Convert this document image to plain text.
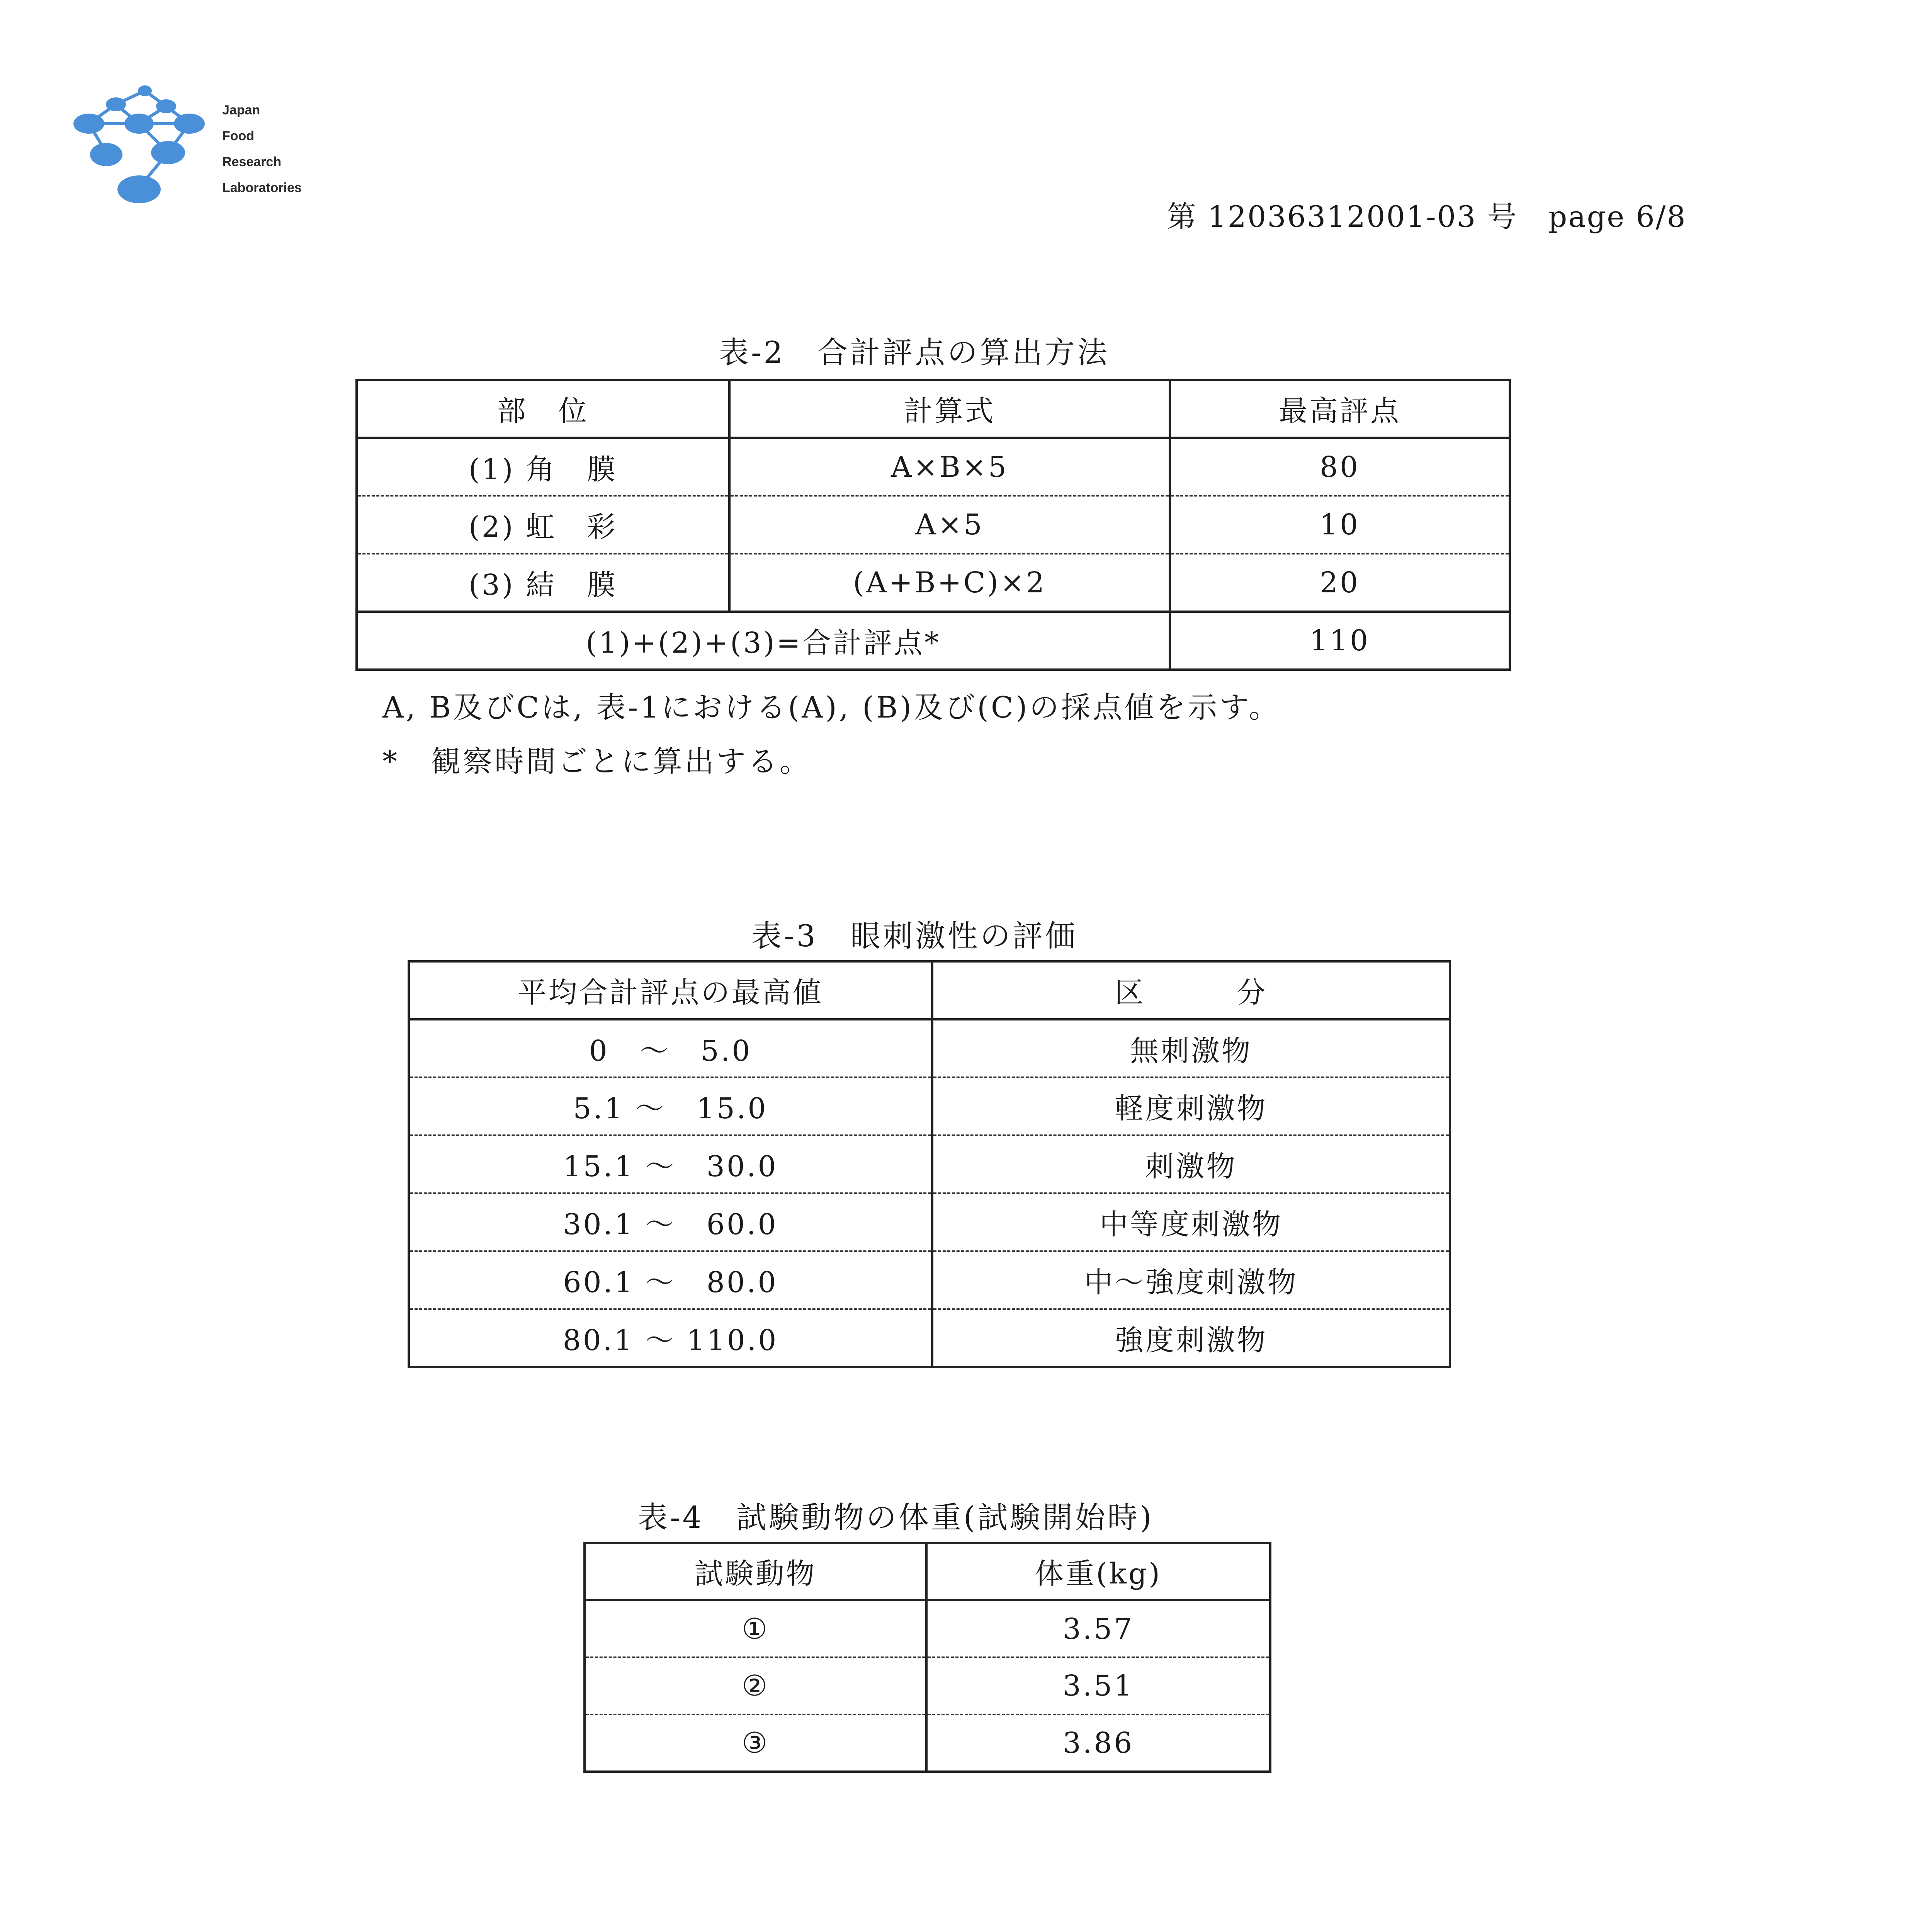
Japan
Food
Research
Laboratories
第 12036312001-03 号　page 6/8
表-2　合計評点の算出方法
部　位	計算式	最高評点
(1) 角　膜	A×B×5	80
(2) 虹　彩	A×5	10
(3) 結　膜	(A+B+C)×2	20
(1)+(2)+(3)=合計評点*		110
A, B及びCは, 表-1における(A), (B)及び(C)の採点値を示す。
*　観察時間ごとに算出する。
表-3　眼刺激性の評価
平均合計評点の最高値	区　　　分
0　～　5.0	無刺激物
5.1 ～　15.0	軽度刺激物
15.1 ～　30.0	刺激物
30.1 ～　60.0	中等度刺激物
60.1 ～　80.0	中～強度刺激物
80.1 ～ 110.0	強度刺激物
表-4　試験動物の体重(試験開始時)
試験動物	体重(kg)
①	3.57
②	3.51
③	3.86
